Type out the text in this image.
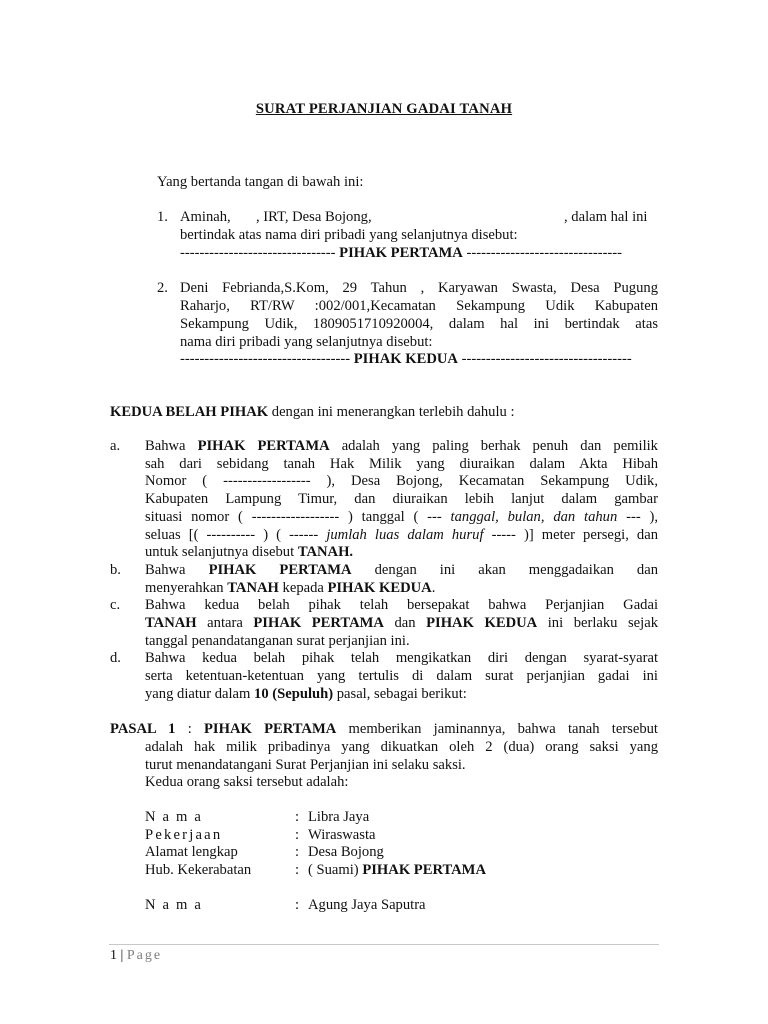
SURAT PERJANJIAN GADAI TANAH
Yang bertanda tangan di bawah ini:
1. Aminah, , IRT, Desa Bojong,	, dalam hal ini
bertindak atas nama diri pribadi yang selanjutnya disebut:
-------------------------------- PIHAK PERTAMA --------------------------------
2. Deni Febrianda,S.Kom, 29 Tahun , Karyawan Swasta, Desa Pugung
Raharjo, RT/RW :002/001,Kecamatan Sekampung Udik Kabupaten
Sekampung Udik, 1809051710920004, dalam hal ini bertindak atas
nama diri pribadi yang selanjutnya disebut:
----------------------------------- PIHAK KEDUA -----------------------------------
KEDUA BELAH PIHAK dengan ini menerangkan terlebih dahulu :
a. Bahwa PIHAK PERTAMA adalah yang paling berhak penuh dan pemilik
sah dari sebidang tanah Hak Milik yang diuraikan dalam Akta Hibah
Nomor ( ------------------ ), Desa Bojong, Kecamatan Sekampung Udik,
Kabupaten Lampung Timur, dan diuraikan lebih lanjut dalam gambar
situasi nomor ( ------------------ ) tanggal ( --- tanggal, bulan, dan tahun --- ),
seluas [( ---------- ) ( ------ jumlah luas dalam huruf ----- )] meter persegi, dan
untuk selanjutnya disebut TANAH.
b. Bahwa PIHAK PERTAMA dengan ini akan menggadaikan dan
menyerahkan TANAH kepada PIHAK KEDUA.
c. Bahwa kedua belah pihak telah bersepakat bahwa Perjanjian Gadai
TANAH antara PIHAK PERTAMA dan PIHAK KEDUA ini berlaku sejak
tanggal penandatanganan surat perjanjian ini.
d. Bahwa kedua belah pihak telah mengikatkan diri dengan syarat-syarat
serta ketentuan-ketentuan yang tertulis di dalam surat perjanjian gadai ini
yang diatur dalam 10 (Sepuluh) pasal, sebagai berikut:
PASAL 1 : PIHAK PERTAMA memberikan jaminannya, bahwa tanah tersebut
adalah hak milik pribadinya yang dikuatkan oleh 2 (dua) orang saksi yang
turut menandatangani Surat Perjanjian ini selaku saksi.
Kedua orang saksi tersebut adalah:
Nama	: Libra Jaya
Pekerjaan	: Wiraswasta
Alamat lengkap	: Desa Bojong
Hub. Kekerabatan	: ( Suami) PIHAK PERTAMA
Nama	: Agung Jaya Saputra
1 | Page
